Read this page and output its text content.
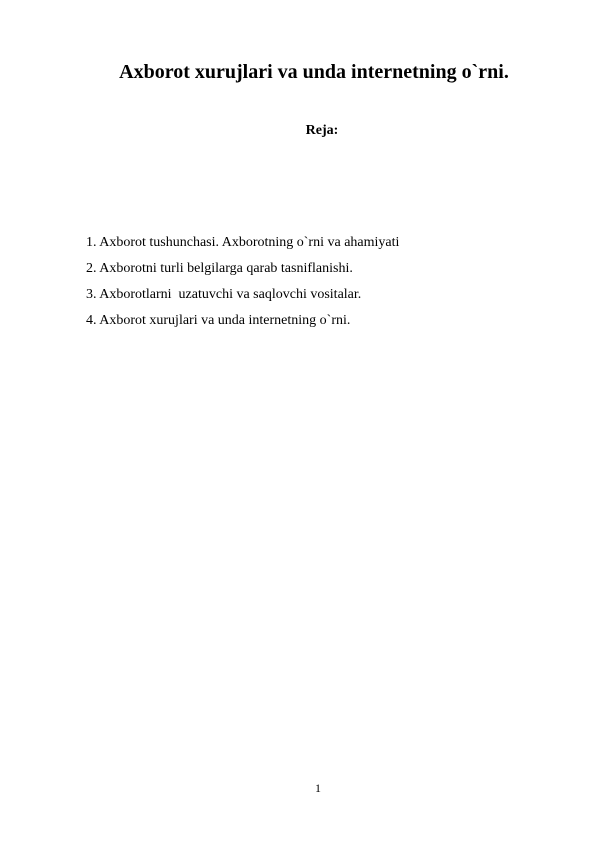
Axborot xurujlari va unda internetning o`rni.
Reja:
1. Axborot tushunchasi. Axborotning o`rni va ahamiyati
2. Axborotni turli belgilarga qarab tasniflanishi.
3. Axborotlarni  uzatuvchi va saqlovchi vositalar.
4. Axborot xurujlari va unda internetning o`rni.
1
